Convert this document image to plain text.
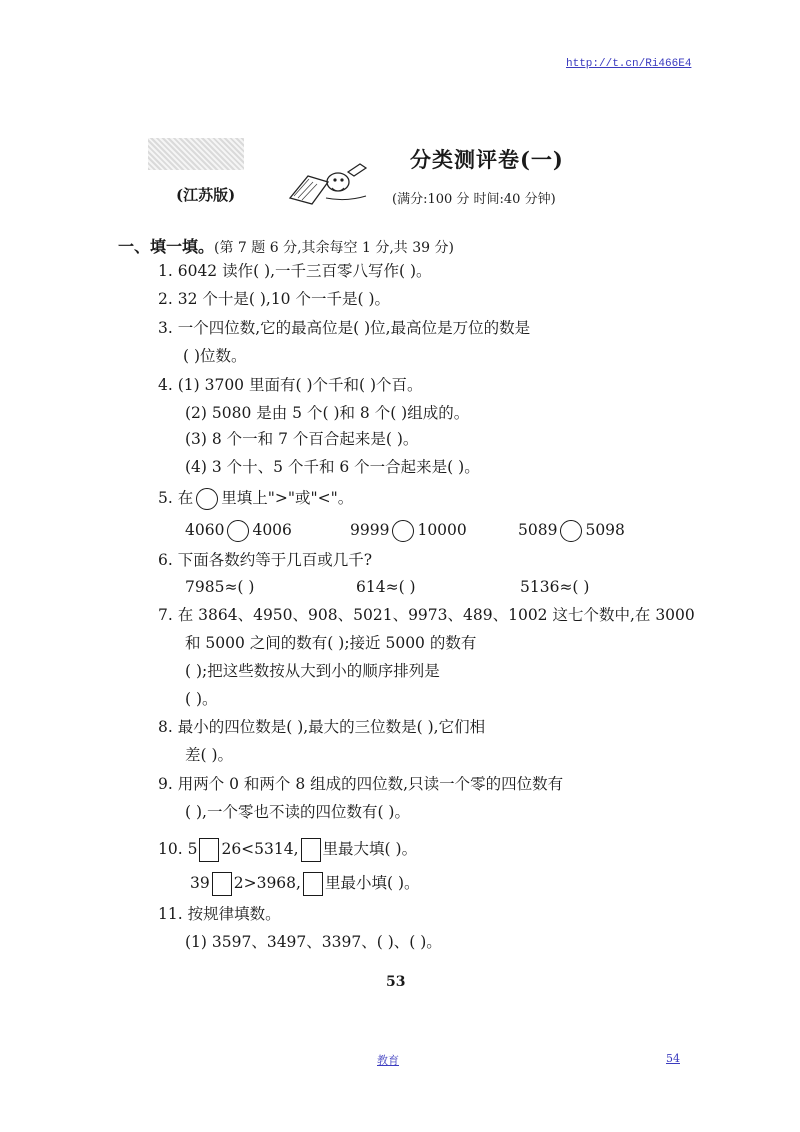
http://t.cn/Ri466E4
(江苏版)
分类测评卷(一)
(满分:100 分 时间:40 分钟)
一、填一填。(第 7 题 6 分,其余每空 1 分,共 39 分)
1. 6042 读作( ),一千三百零八写作( )。
2. 32 个十是( ),10 个一千是( )。
3. 一个四位数,它的最高位是( )位,最高位是万位的数是
( )位数。
4. (1) 3700 里面有( )个千和( )个百。
(2) 5080 是由 5 个( )和 8 个( )组成的。
(3) 8 个一和 7 个百合起来是( )。
(4) 3 个十、5 个千和 6 个一合起来是( )。
5. 在 里填上">"或"<"。
4060 4006	9999 10000	5089 5098
6. 下面各数约等于几百或几千?
7985≈( )	614≈( )	5136≈( )
7. 在 3864、4950、908、5021、9973、489、1002 这七个数中,在 3000
和 5000 之间的数有( );接近 5000 的数有
( );把这些数按从大到小的顺序排列是
( )。
8. 最小的四位数是( ),最大的三位数是( ),它们相
差( )。
9. 用两个 0 和两个 8 组成的四位数,只读一个零的四位数有
( ),一个零也不读的四位数有( )。
10. 5 26<5314, 里最大填( )。
39 2>3968, 里最小填( )。
11. 按规律填数。
(1) 3597、3497、3397、( )、( )。
53
教育	54
